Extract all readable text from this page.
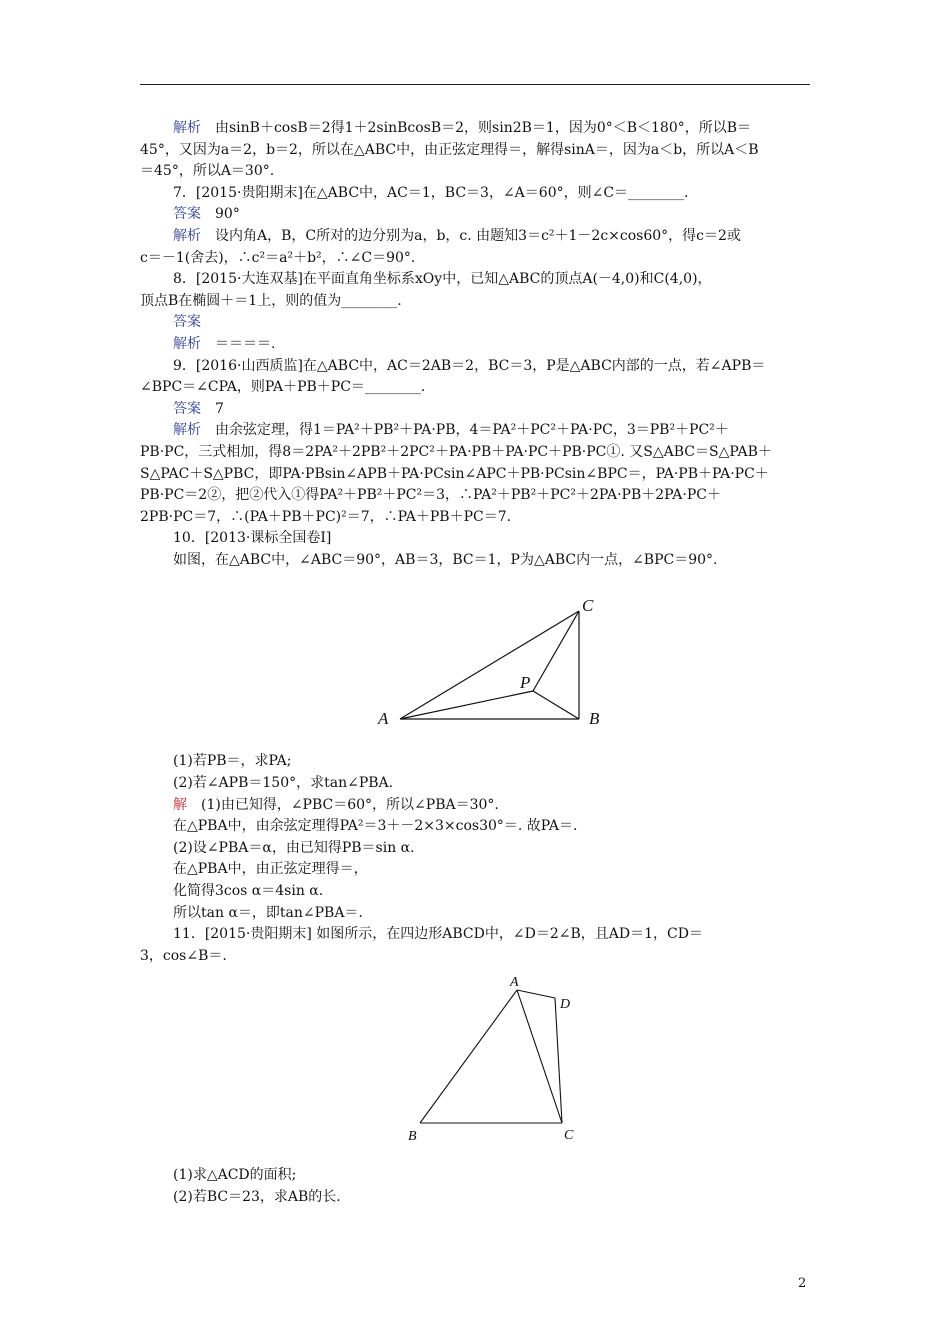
解析　由sinB＋cosB＝2得1＋2sinBcosB＝2，则sin2B＝1，因为0°＜B＜180°，所以B＝
45°，又因为a＝2，b＝2，所以在△ABC中，由正弦定理得＝，解得sinA＝，因为a＜b，所以A＜B
＝45°，所以A＝30°.
7．[2015·贵阳期末]在△ABC中，AC＝1，BC＝3，∠A＝60°，则∠C＝________.
答案　90°
解析　设内角A，B，C所对的边分别为a，b，c. 由题知3＝c²＋1－2c×cos60°，得c＝2或
c＝－1(舍去)，∴c²＝a²＋b²，∴∠C＝90°.
8．[2015·大连双基]在平面直角坐标系xOy中，已知△ABC的顶点A(－4,0)和C(4,0)，
顶点B在椭圆＋＝1上，则的值为________.
答案
解析　＝＝＝＝.
9．[2016·山西质监]在△ABC中，AC＝2AB＝2，BC＝3，P是△ABC内部的一点，若∠APB＝
∠BPC＝∠CPA，则PA＋PB＋PC＝________.
答案　7
解析　由余弦定理，得1＝PA²＋PB²＋PA·PB，4＝PA²＋PC²＋PA·PC，3＝PB²＋PC²＋
PB·PC，三式相加，得8＝2PA²＋2PB²＋2PC²＋PA·PB＋PA·PC＋PB·PC①. 又S△ABC＝S△PAB＋
S△PAC＋S△PBC，即PA·PBsin∠APB＋PA·PCsin∠APC＋PB·PCsin∠BPC＝，PA·PB＋PA·PC＋
PB·PC＝2②，把②代入①得PA²＋PB²＋PC²＝3，∴PA²＋PB²＋PC²＋2PA·PB＋2PA·PC＋
2PB·PC＝7，∴(PA＋PB＋PC)²＝7，∴PA＋PB＋PC＝7.
10．[2013·课标全国卷Ⅰ]
如图，在△ABC中，∠ABC＝90°，AB＝3，BC＝1，P为△ABC内一点，∠BPC＝90°.
(1)若PB＝，求PA;
(2)若∠APB＝150°，求tan∠PBA.
解　(1)由已知得，∠PBC＝60°，所以∠PBA＝30°.
在△PBA中，由余弦定理得PA²＝3＋－2×3×cos30°＝. 故PA＝.
(2)设∠PBA＝α，由已知得PB＝sin α.
在△PBA中，由正弦定理得＝，
化简得3cos α＝4sin α.
所以tan α＝，即tan∠PBA＝.
11．[2015·贵阳期末] 如图所示，在四边形ABCD中，∠D＝2∠B，且AD＝1，CD＝
3，cos∠B＝.
(1)求△ACD的面积;
(2)若BC＝23，求AB的长.
A	B
C
P
A
B	C
D
2
